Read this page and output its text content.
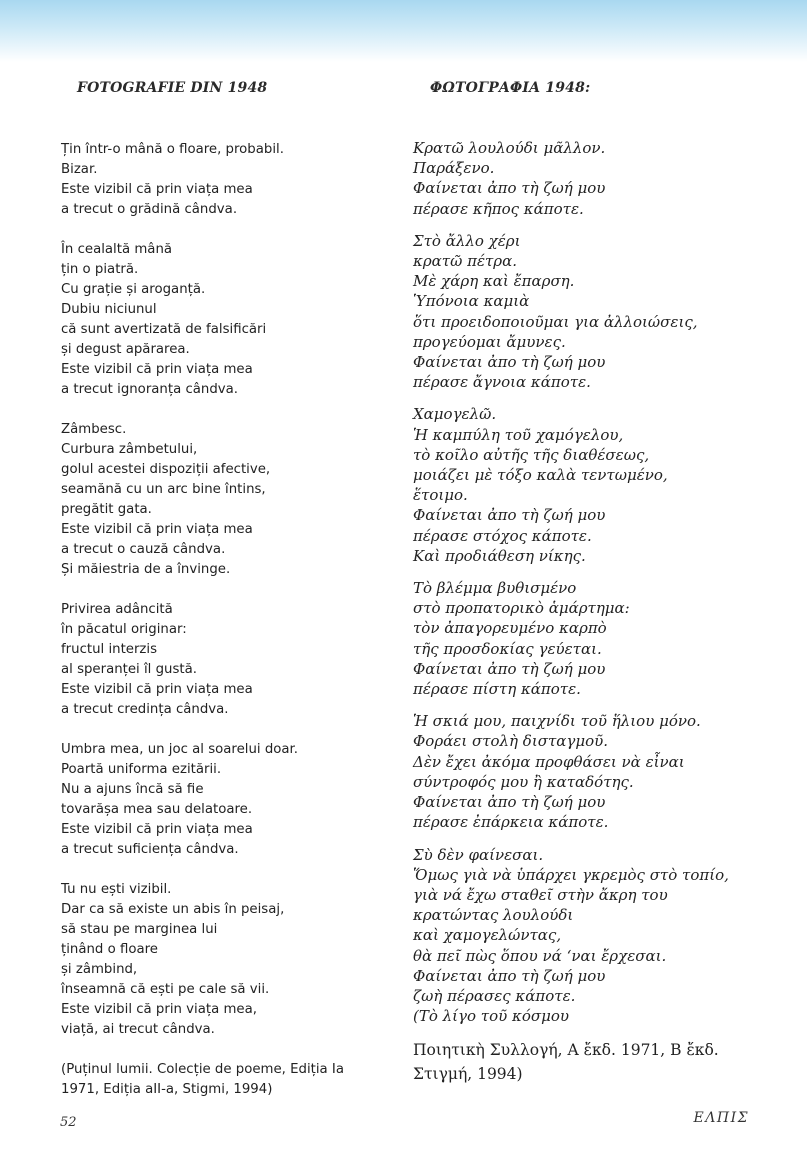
FOTOGRAFIE DIN 1948	ΦΩΤΟΓΡΑΦΙΑ 1948:
Țin într-o mână o floare, probabil.
Bizar.
Este vizibil că prin viața mea
a trecut o grădină cândva.
În cealaltă mână
țin o piatră.
Cu grație și aroganță.
Dubiu niciunul
că sunt avertizată de falsificări
și degust apărarea.
Este vizibil că prin viața mea
a trecut ignoranța cândva.
Zâmbesc.
Curbura zâmbetului,
golul acestei dispoziții afective,
seamănă cu un arc bine întins,
pregătit gata.
Este vizibil că prin viața mea
a trecut o cauză cândva.
Și măiestria de a învinge.
Privirea adâncită
în păcatul originar:
fructul interzis
al speranței îl gustă.
Este vizibil că prin viața mea
a trecut credința cândva.
Umbra mea, un joc al soarelui doar.
Poartă uniforma ezitării.
Nu a ajuns încă să fie
tovarășa mea sau delatoare.
Este vizibil că prin viața mea
a trecut suficiența cândva.
Tu nu ești vizibil.
Dar ca să existe un abis în peisaj,
să stau pe marginea lui
ținând o floare
și zâmbind,
înseamnă că ești pe cale să vii.
Este vizibil că prin viața mea,
viață, ai trecut cândva.
(Puținul lumii. Colecție de poeme, Ediția Ia
1971, Ediția aII-a, Stigmi, 1994)
Κρατῶ λουλούδι μᾶλλον.
Παράξενο.
Φαίνεται ἀπο τὴ ζωή μου
πέρασε κῆπος κάποτε.
Στὸ ἄλλο χέρι
κρατῶ πέτρα.
Μὲ χάρη καὶ ἔπαρση.
Ὑπόνοια καμιὰ
ὅτι προειδοποιοῦμαι για ἀλλοιώσεις,
προγεύομαι ἄμυνες.
Φαίνεται ἀπο τὴ ζωή μου
πέρασε ἄγνοια κάποτε.
Χαμογελῶ.
Ἡ καμπύλη τοῦ χαμόγελου,
τὸ κοῖλο αὐτῆς τῆς διαθέσεως,
μοιάζει μὲ τόξο καλὰ τεντωμένο,
ἕτοιμο.
Φαίνεται ἀπο τὴ ζωή μου
πέρασε στόχος κάποτε.
Καὶ προδιάθεση νίκης.
Τὸ βλέμμα βυθισμένο
στὸ προπατορικὸ ἁμάρτημα:
τὸν ἀπαγορευμένο καρπὸ
τῆς προσδοκίας γεύεται.
Φαίνεται ἀπο τὴ ζωή μου
πέρασε πίστη κάποτε.
Ἡ σκιά μου, παιχνίδι τοῦ ἥλιου μόνο.
Φοράει στολὴ δισταγμοῦ.
Δὲν ἔχει ἀκόμα προφθάσει νὰ εἶναι
σύντροφός μου ἢ καταδότης.
Φαίνεται ἀπο τὴ ζωή μου
πέρασε ἐπάρκεια κάποτε.
Σὺ δὲν φαίνεσαι.
Ὅμως γιὰ νὰ ὑπάρχει γκρεμὸς στὸ τοπίο,
γιὰ νά ἔχω σταθεῖ στὴν ἄκρη του
κρατώντας λουλούδι
καὶ χαμογελώντας,
θὰ πεῖ πὼς ὅπου νά ʻναι ἔρχεσαι.
Φαίνεται ἀπο τὴ ζωή μου
ζωὴ πέρασες κάποτε.
(Τὸ λίγο τοῦ κόσμου
Ποιητικὴ Συλλογή, Α ἔκδ. 1971, Β ἔκδ.
Στιγμή, 1994)
52	ΕΛΠΙΣ
